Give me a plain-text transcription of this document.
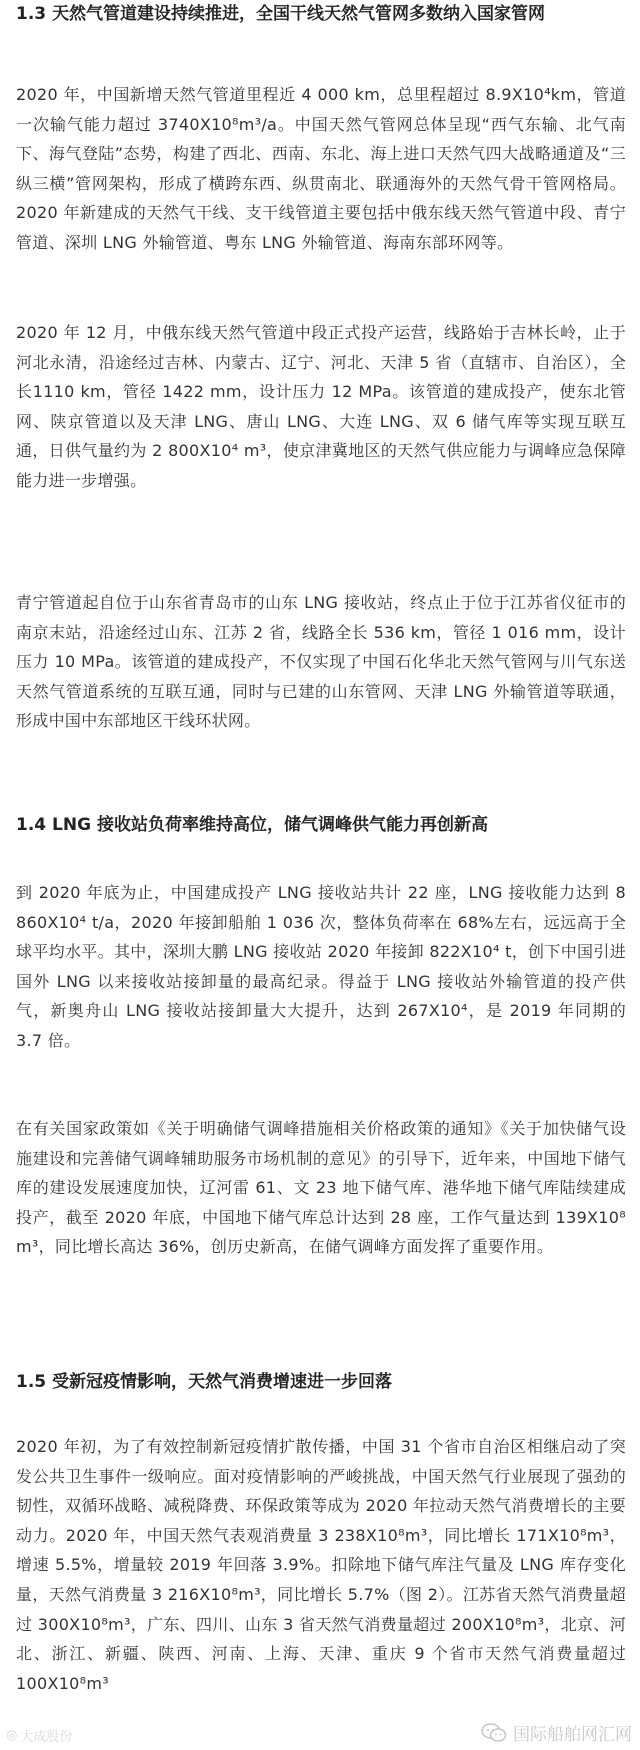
1.3 天然气管道建设持续推进，全国干线天然气管网多数纳入国家管网

2020 年，中国新增天然气管道里程近 4 000 km，总里程超过 8.9X10⁴km，管道一次输气能力超过 3740X10⁸m³/a。中国天然气管网总体呈现“西气东输、北气南下、海气登陆”态势，构建了西北、西南、东北、海上进口天然气四大战略通道及“三纵三横”管网架构，形成了横跨东西、纵贯南北、联通海外的天然气骨干管网格局。2020 年新建成的天然气干线、支干线管道主要包括中俄东线天然气管道中段、青宁管道、深圳 LNG 外输管道、粤东 LNG 外输管道、海南东部环网等。

2020 年 12 月，中俄东线天然气管道中段正式投产运营，线路始于吉林长岭，止于河北永清，沿途经过吉林、内蒙古、辽宁、河北、天津 5 省（直辖市、自治区），全长1110 km，管径 1422 mm，设计压力 12 MPa。该管道的建成投产，使东北管网、陕京管道以及天津 LNG、唐山 LNG、大连 LNG、双 6 储气库等实现互联互通，日供气量约为 2 800X10⁴ m³，使京津冀地区的天然气供应能力与调峰应急保障能力进一步增强。

青宁管道起自位于山东省青岛市的山东 LNG 接收站，终点止于位于江苏省仪征市的南京末站，沿途经过山东、江苏 2 省，线路全长 536 km，管径 1 016 mm，设计压力 10 MPa。该管道的建成投产，不仅实现了中国石化华北天然气管网与川气东送天然气管道系统的互联互通，同时与已建的山东管网、天津 LNG 外输管道等联通，形成中国中东部地区干线环状网。

1.4 LNG 接收站负荷率维持高位，储气调峰供气能力再创新高

到 2020 年底为止，中国建成投产 LNG 接收站共计 22 座，LNG 接收能力达到 8 860X10⁴ t/a，2020 年接卸船舶 1 036 次，整体负荷率在 68%左右，远远高于全球平均水平。其中，深圳大鹏 LNG 接收站 2020 年接卸 822X10⁴ t，创下中国引进国外 LNG 以来接收站接卸量的最高纪录。得益于 LNG 接收站外输管道的投产供气，新奥舟山 LNG 接收站接卸量大大提升，达到 267X10⁴，是 2019 年同期的 3.7 倍。

在有关国家政策如《关于明确储气调峰措施相关价格政策的通知》《关于加快储气设施建设和完善储气调峰辅助服务市场机制的意见》的引导下，近年来，中国地下储气库的建设发展速度加快，辽河雷 61、文 23 地下储气库、港华地下储气库陆续建成投产，截至 2020 年底，中国地下储气库总计达到 28 座，工作气量达到 139X10⁸ m³，同比增长高达 36%，创历史新高，在储气调峰方面发挥了重要作用。

1.5 受新冠疫情影响，天然气消费增速进一步回落

2020 年初，为了有效控制新冠疫情扩散传播，中国 31 个省市自治区相继启动了突发公共卫生事件一级响应。面对疫情影响的严峻挑战，中国天然气行业展现了强劲的韧性，双循环战略、减税降费、环保政策等成为 2020 年拉动天然气消费增长的主要动力。2020 年，中国天然气表观消费量 3 238X10⁸m³，同比增长 171X10⁸m³，增速 5.5%，增量较 2019 年回落 3.9%。扣除地下储气库注气量及 LNG 库存变化量，天然气消费量 3 216X10⁸m³，同比增长 5.7%（图 2）。江苏省天然气消费量超过 300X10⁸m³，广东、四川、山东 3 省天然气消费量超过 200X10⁸m³，北京、河北、浙江、新疆、陕西、河南、上海、天津、重庆 9 个省市天然气消费量超过 100X10⁸m³

◎ 大成股份	国际船舶网汇网
